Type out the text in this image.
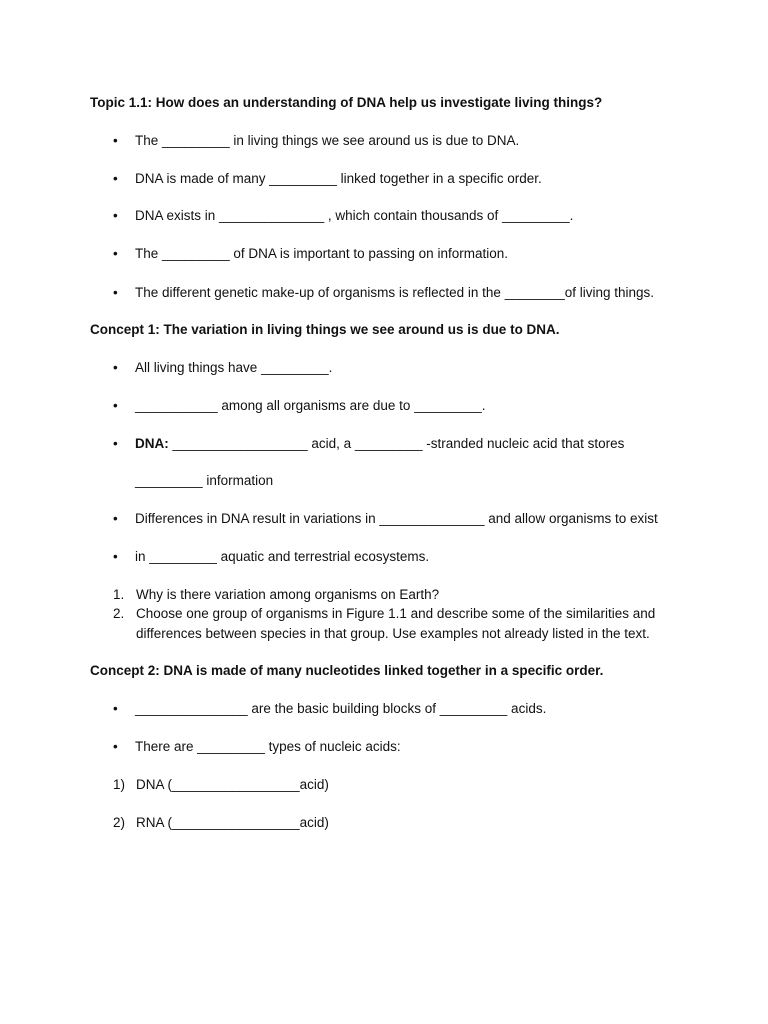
Topic 1.1: How does an understanding of DNA help us investigate living things?
• The _________ in living things we see around us is due to DNA.
• DNA is made of many _________ linked together in a specific order.
• DNA exists in ______________ , which contain thousands of _________.
• The _________ of DNA is important to passing on information.
• The different genetic make-up of organisms is reflected in the ________of living things.
Concept 1: The variation in living things we see around us is due to DNA.
• All living things have _________.
• ___________ among all organisms are due to _________.
• DNA: __________________ acid, a _________ -stranded nucleic acid that stores
_________ information
• Differences in DNA result in variations in ______________ and allow organisms to exist
• in _________ aquatic and terrestrial ecosystems.
1. Why is there variation among organisms on Earth?
2. Choose one group of organisms in Figure 1.1 and describe some of the similarities and
differences between species in that group. Use examples not already listed in the text.
Concept 2: DNA is made of many nucleotides linked together in a specific order.
• _______________ are the basic building blocks of _________ acids.
• There are _________ types of nucleic acids:
1) DNA (_________________acid)
2) RNA (_________________acid)
